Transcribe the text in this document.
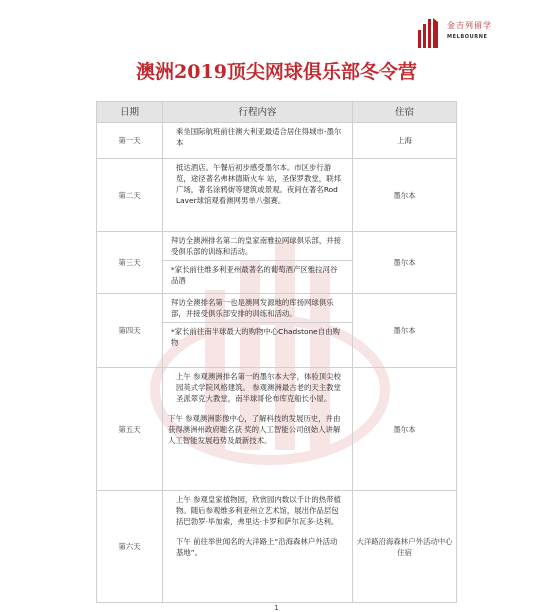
金吉列留学
MELBOURNE
澳洲2019顶尖网球俱乐部冬令营
日期	行程内容	住宿
第一天	乘坐国际航班前往澳大利亚最适合居住得城市-墨尔本	上海
第二天	抵达酒店。午餐后初步感受墨尔本。市区步行游览，途径著名弗林德斯火车 站，圣保罗教堂，联邦广场，著名涂鸦街等建筑或景观。夜间在著名Rod Laver球馆观看澳网男单八强赛。	墨尔本
第三天	拜访全澳洲排名第二的皇家南雅拉网球俱乐部，并接受俱乐部的训练和活动。
*家长前往维多利亚州最著名的葡萄酒产区雅拉河谷品酒	墨尔本
第四天	拜访全澳排名第一也是澳网发源地的库扬网球俱乐部，并接受俱乐部安排的训练和活动。
*家长前往南半球最大的购物中心Chadstone自由购物	墨尔本
第五天	上午 参观澳洲排名第一的墨尔本大学，体验顶尖校园英式学院风格建筑。 参观澳洲最古老的天主教堂圣派翠克大教堂，南半球哥伦布库克船长小屋。

下午 参观澳洲影像中心，了解科技的发展历史，并由获得澳洲州政府题名获 奖的人工智能公司创始人讲解人工智能发展趋势及最新技术。	墨尔本
第六天	上午 参观皇家植物园，欣赏园内数以千计的热带植物。随后参观维多利亚州立艺术馆，展出作品层包括巴勃罗·毕加索，弗里达·卡罗和萨尔瓦多·达利。

下午 前往举世闻名的大洋路上“沿海森林户外活动基地”。	大洋路沿海森林户外活动中心住宿
1
